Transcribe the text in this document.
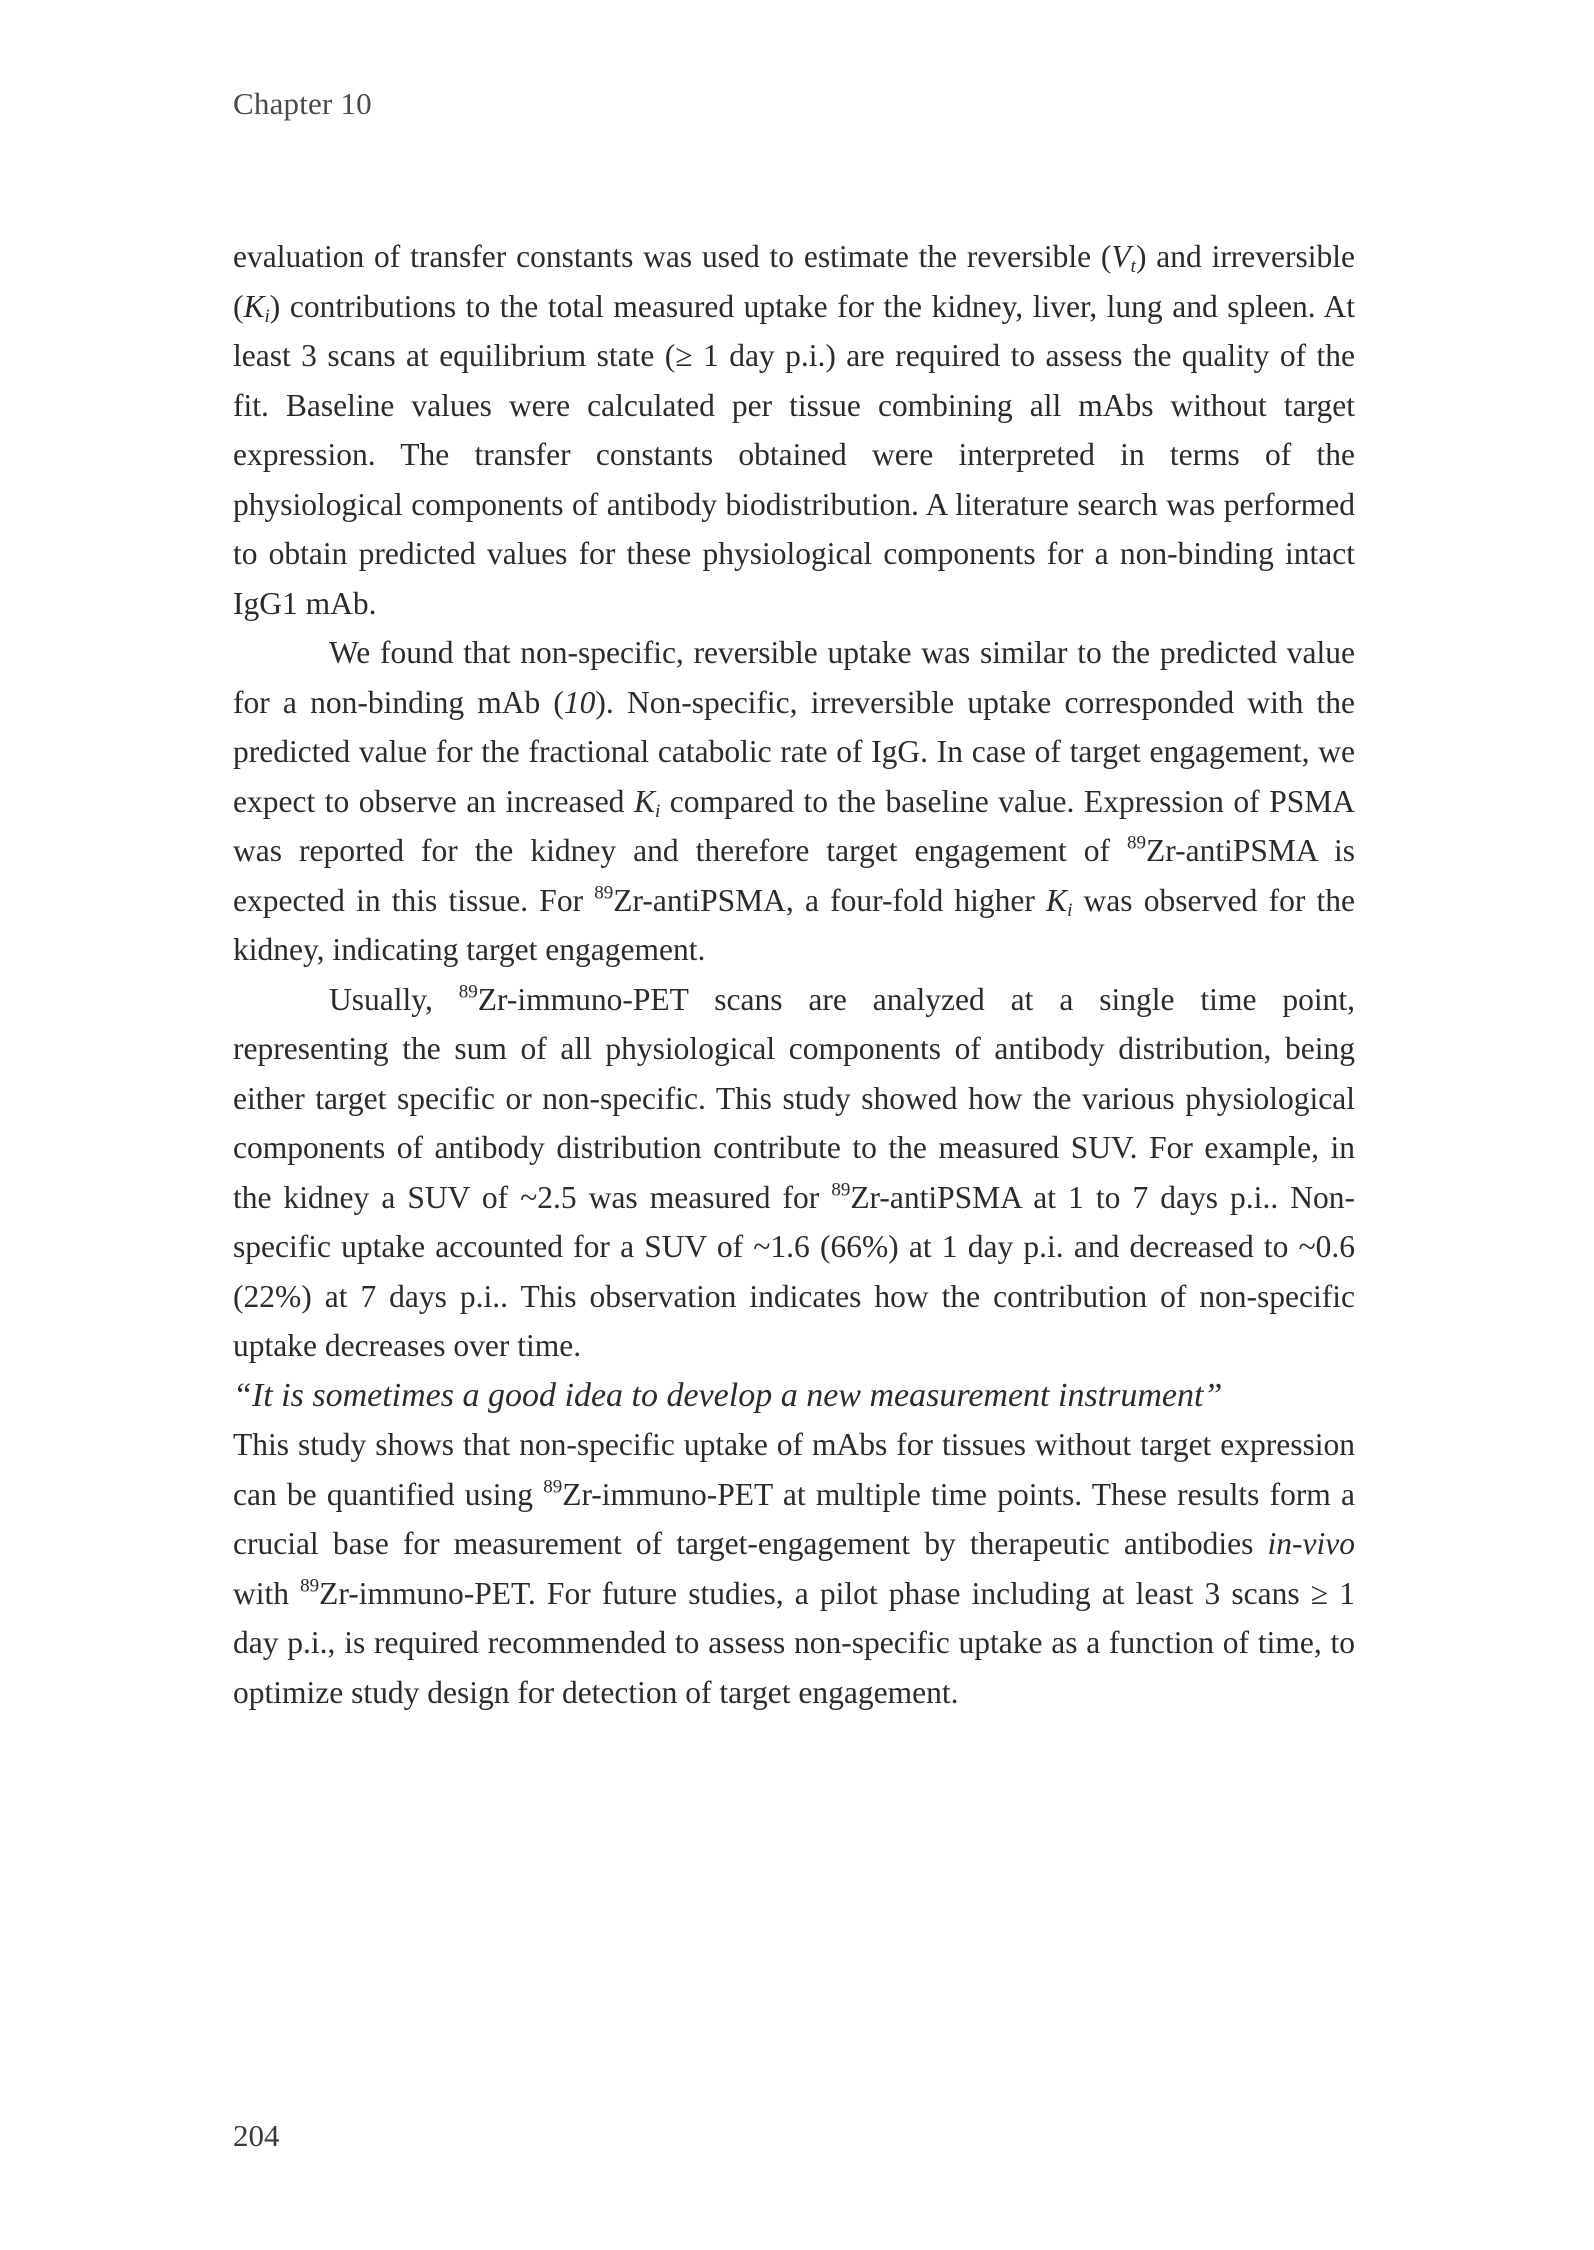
Chapter 10

evaluation of transfer constants was used to estimate the reversible $(V_t)$ and irreversible $(K_i)$ contributions to the total measured uptake for the kidney, liver, lung and spleen. At least 3 scans at equilibrium state (≥ 1 day p.i.) are required to assess the quality of the fit. Baseline values were calculated per tissue combining all mAbs without target expression. The transfer constants obtained were interpreted in terms of the physiological components of antibody biodistribution. A literature search was performed to obtain predicted values for these physiological components for a non-binding intact IgG1 mAb.

We found that non-specific, reversible uptake was similar to the predicted value for a non-binding mAb (10). Non-specific, irreversible uptake corresponded with the predicted value for the fractional catabolic rate of IgG. In case of target engagement, we expect to observe an increased $K_i$ compared to the baseline value. Expression of PSMA was reported for the kidney and therefore target engagement of $^{89}$Zr-antiPSMA is expected in this tissue. For $^{89}$Zr-antiPSMA, a four-fold higher $K_i$ was observed for the kidney, indicating target engagement.

Usually, $^{89}$Zr-immuno-PET scans are analyzed at a single time point, representing the sum of all physiological components of antibody distribution, being either target specific or non-specific. This study showed how the various physiological components of antibody distribution contribute to the measured SUV. For example, in the kidney a SUV of ~2.5 was measured for $^{89}$Zr-antiPSMA at 1 to 7 days p.i.. Non-specific uptake accounted for a SUV of ~1.6 (66%) at 1 day p.i. and decreased to ~0.6 (22%) at 7 days p.i.. This observation indicates how the contribution of non-specific uptake decreases over time.

“It is sometimes a good idea to develop a new measurement instrument”

This study shows that non-specific uptake of mAbs for tissues without target expression can be quantified using $^{89}$Zr-immuno-PET at multiple time points. These results form a crucial base for measurement of target-engagement by therapeutic antibodies in-vivo with $^{89}$Zr-immuno-PET. For future studies, a pilot phase including at least 3 scans ≥ 1 day p.i., is required recommended to assess non-specific uptake as a function of time, to optimize study design for detection of target engagement.

204
